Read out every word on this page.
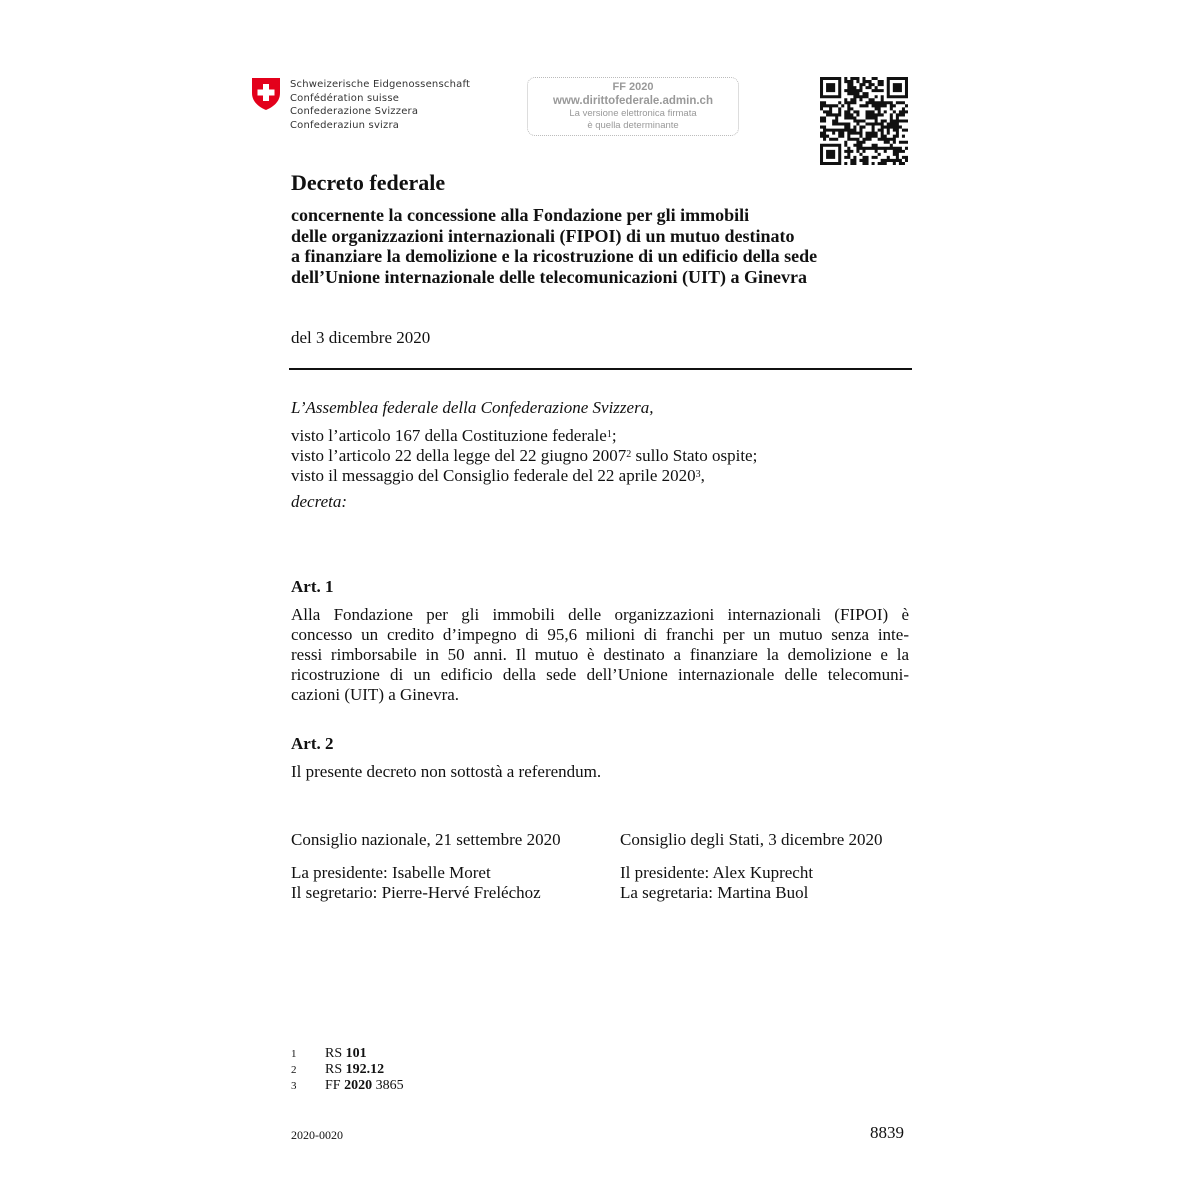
Schweizerische Eidgenossenschaft
Confédération suisse
Confederazione Svizzera
Confederaziun svizra
FF 2020
www.dirittofederale.admin.ch
La versione elettronica firmata
è quella determinante
Decreto federale
concernente la concessione alla Fondazione per gli immobili
delle organizzazioni internazionali (FIPOI) di un mutuo destinato
a finanziare la demolizione e la ricostruzione di un edificio della sede
dell’Unione internazionale delle telecomunicazioni (UIT) a Ginevra
del 3 dicembre 2020
L’Assemblea federale della Confederazione Svizzera,
visto l’articolo 167 della Costituzione federale$^1$;
visto l’articolo 22 della legge del 22 giugno 2007$^2$ sullo Stato ospite;
visto il messaggio del Consiglio federale del 22 aprile 2020$^3$,
decreta:
Art. 1
Alla Fondazione per gli immobili delle organizzazioni internazionali (FIPOI) è
concesso un credito d’impegno di 95,6 milioni di franchi per un mutuo senza inte-
ressi rimborsabile in 50 anni. Il mutuo è destinato a finanziare la demolizione e la
ricostruzione di un edificio della sede dell’Unione internazionale delle telecomuni-
cazioni (UIT) a Ginevra.
Art. 2
Il presente decreto non sottostà a referendum.
Consiglio nazionale, 21 settembre 2020
La presidente: Isabelle Moret
Il segretario: Pierre-Hervé Freléchoz
Consiglio degli Stati, 3 dicembre 2020
Il presidente: Alex Kuprecht
La segretaria: Martina Buol
1 RS 101
2 RS 192.12
3 FF 2020 3865
2020-0020	8839
